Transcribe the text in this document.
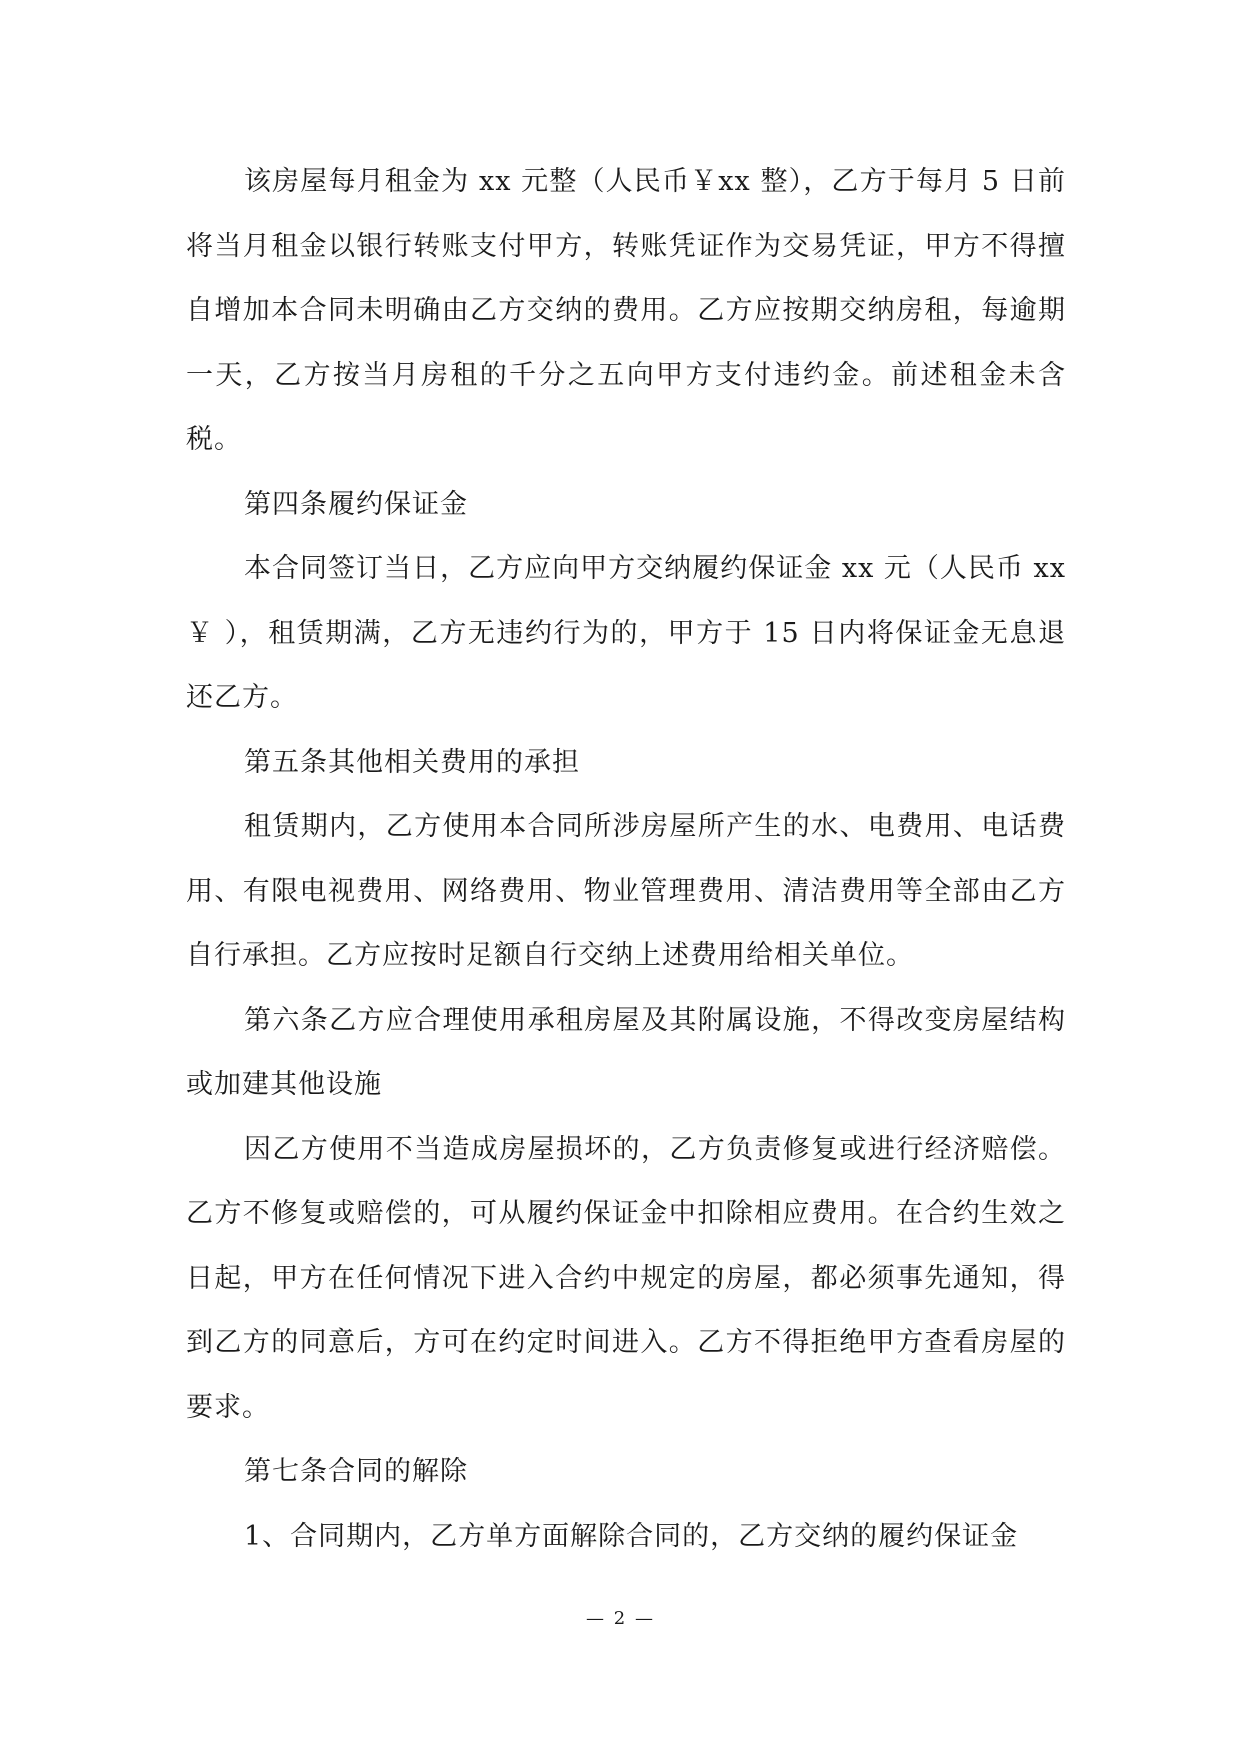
该房屋每月租金为 xx 元整（人民币￥xx 整），乙方于每月 5 日前将当月租金以银行转账支付甲方，转账凭证作为交易凭证，甲方不得擅自增加本合同未明确由乙方交纳的费用。乙方应按期交纳房租，每逾期一天，乙方按当月房租的千分之五向甲方支付违约金。前述租金未含税。

第四条履约保证金

本合同签订当日，乙方应向甲方交纳履约保证金 xx 元（人民币 xx ￥ ），租赁期满，乙方无违约行为的，甲方于 15 日内将保证金无息退还乙方。

第五条其他相关费用的承担

租赁期内，乙方使用本合同所涉房屋所产生的水、电费用、电话费用、有限电视费用、网络费用、物业管理费用、清洁费用等全部由乙方自行承担。乙方应按时足额自行交纳上述费用给相关单位。

第六条乙方应合理使用承租房屋及其附属设施，不得改变房屋结构或加建其他设施

因乙方使用不当造成房屋损坏的，乙方负责修复或进行经济赔偿。乙方不修复或赔偿的，可从履约保证金中扣除相应费用。在合约生效之日起，甲方在任何情况下进入合约中规定的房屋，都必须事先通知，得到乙方的同意后，方可在约定时间进入。乙方不得拒绝甲方查看房屋的要求。

第七条合同的解除

1、合同期内，乙方单方面解除合同的，乙方交纳的履约保证金

— 2 —
